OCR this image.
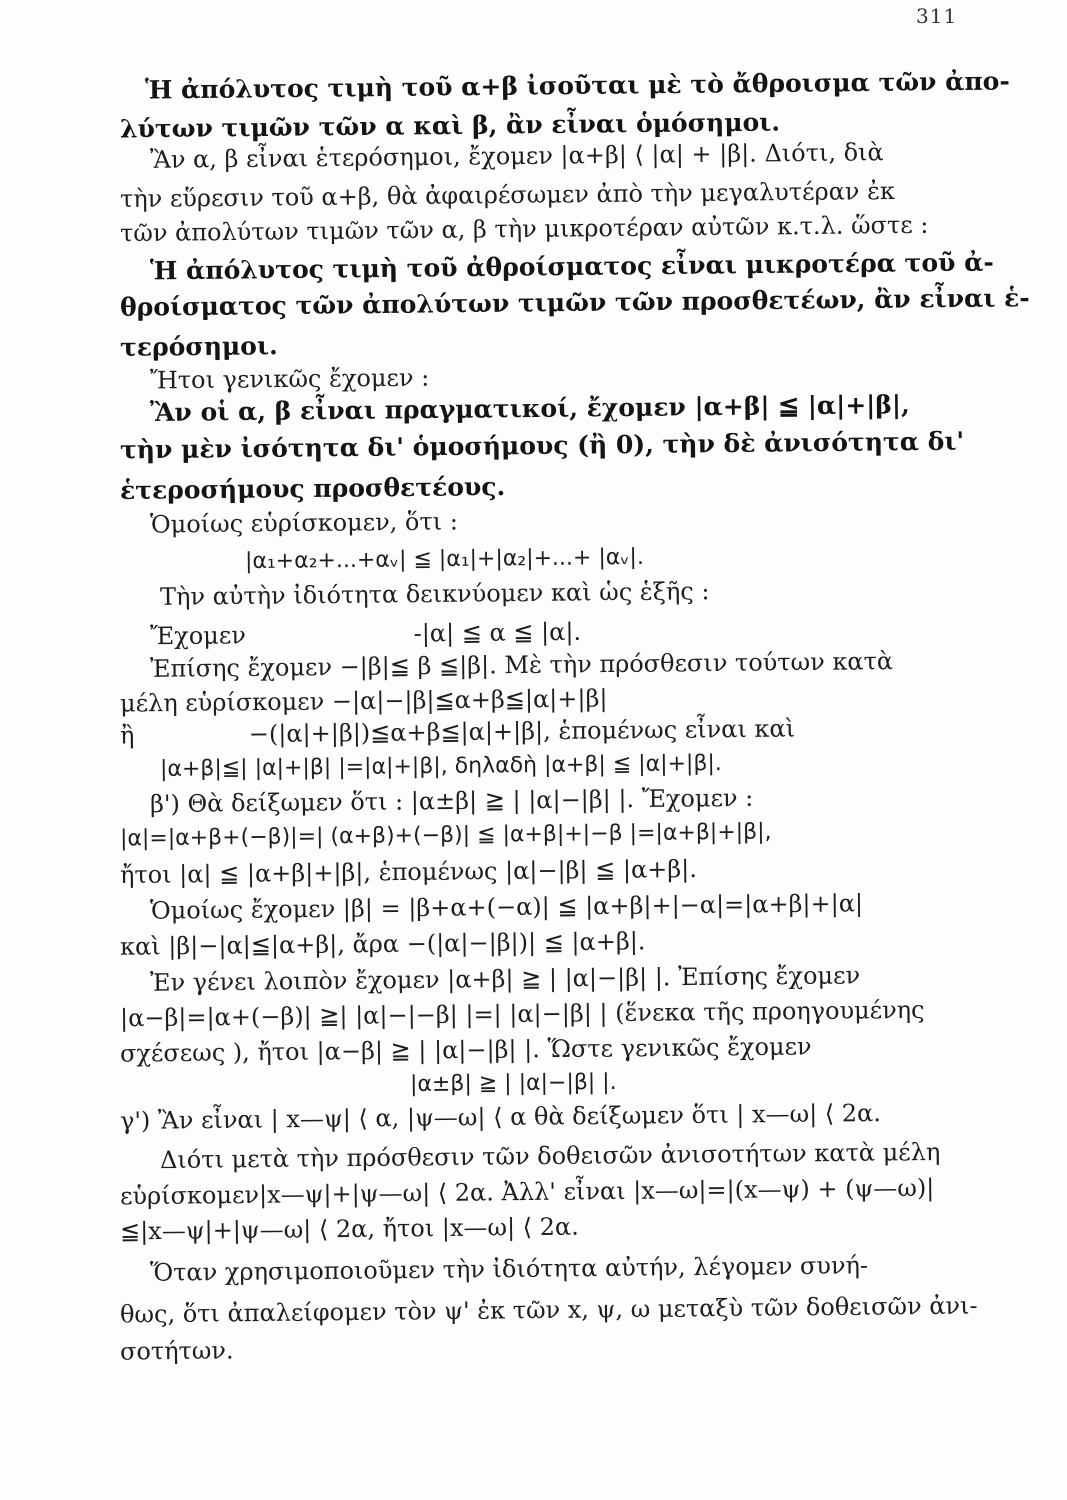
311
Ἡ ἀπόλυτος τιμὴ τοῦ α+β ἰσοῦται μὲ τὸ ἄθροισμα τῶν ἀπο-
λύτων τιμῶν τῶν α καὶ β, ἂν εἶναι ὁμόσημοι.
Ἂν α, β εἶναι ἑτερόσημοι, ἔχομεν |α+β| ⟨ |α| + |β|. Διότι, διὰ
τὴν εὕρεσιν τοῦ α+β, θὰ ἀφαιρέσωμεν ἀπὸ τὴν μεγαλυτέραν ἐκ
τῶν ἀπολύτων τιμῶν τῶν α, β τὴν μικροτέραν αὐτῶν κ.τ.λ. ὥστε :
Ἡ ἀπόλυτος τιμὴ τοῦ ἀθροίσματος εἶναι μικροτέρα τοῦ ἀ-
θροίσματος τῶν ἀπολύτων τιμῶν τῶν προσθετέων, ἂν εἶναι ἑ-
τερόσημοι.
Ἤτοι γενικῶς ἔχομεν :
Ἂν οἱ α, β εἶναι πραγματικοί, ἔχομεν |α+β| ≦ |α|+|β|,
τὴν μὲν ἰσότητα δι' ὁμοσήμους (ἢ 0), τὴν δὲ ἀνισότητα δι'
ἑτεροσήμους προσθετέους.
Ὁμοίως εὑρίσκομεν, ὅτι :
|α₁+α₂+...+αᵥ| ≦ |α₁|+|α₂|+...+ |αᵥ|.
Τὴν αὐτὴν ἰδιότητα δεικνύομεν καὶ ὡς ἑξῆς :
Ἔχομεν                      -|α| ≦ α ≦ |α|.
Ἐπίσης ἔχομεν −|β|≦ β ≦|β|. Μὲ τὴν πρόσθεσιν τούτων κατὰ
μέλη εὑρίσκομεν −|α|−|β|≦α+β≦|α|+|β|
ἢ               −(|α|+|β|)≦α+β≦|α|+|β|, ἑπομένως εἶναι καὶ
|α+β|≦| |α|+|β| |=|α|+|β|, δηλαδὴ |α+β| ≦ |α|+|β|.
β') Θὰ δείξωμεν ὅτι : |α±β| ≧ | |α|−|β| |. Ἔχομεν :
|α|=|α+β+(−β)|=| (α+β)+(−β)| ≦ |α+β|+|−β |=|α+β|+|β|,
ἤτοι |α| ≦ |α+β|+|β|, ἑπομένως |α|−|β| ≦ |α+β|.
Ὁμοίως ἔχομεν |β| = |β+α+(−α)| ≦ |α+β|+|−α|=|α+β|+|α|
καὶ |β|−|α|≦|α+β|, ἄρα −(|α|−|β|)| ≦ |α+β|.
Ἐν γένει λοιπὸν ἔχομεν |α+β| ≧ | |α|−|β| |. Ἐπίσης ἔχομεν
|α−β|=|α+(−β)| ≧| |α|−|−β| |=| |α|−|β| | (ἕνεκα τῆς προηγουμένης
σχέσεως ), ἤτοι |α−β| ≧ | |α|−|β| |. Ὥστε γενικῶς ἔχομεν
|α±β| ≧ | |α|−|β| |.
γ') Ἂν εἶναι | x—ψ| ⟨ α, |ψ—ω| ⟨ α θὰ δείξωμεν ὅτι | x—ω| ⟨ 2α.
Διότι μετὰ τὴν πρόσθεσιν τῶν δοθεισῶν ἀνισοτήτων κατὰ μέλη
εὑρίσκομεν|x—ψ|+|ψ—ω| ⟨ 2α. Ἀλλ' εἶναι |x—ω|=|(x—ψ) + (ψ—ω)|
≦|x—ψ|+|ψ—ω| ⟨ 2α, ἤτοι |x—ω| ⟨ 2α.
Ὅταν χρησιμοποιοῦμεν τὴν ἰδιότητα αὐτήν, λέγομεν συνή-
θως, ὅτι ἀπαλείφομεν τὸν ψ' ἐκ τῶν x, ψ, ω μεταξὺ τῶν δοθεισῶν ἀνι-
σοτήτων.
